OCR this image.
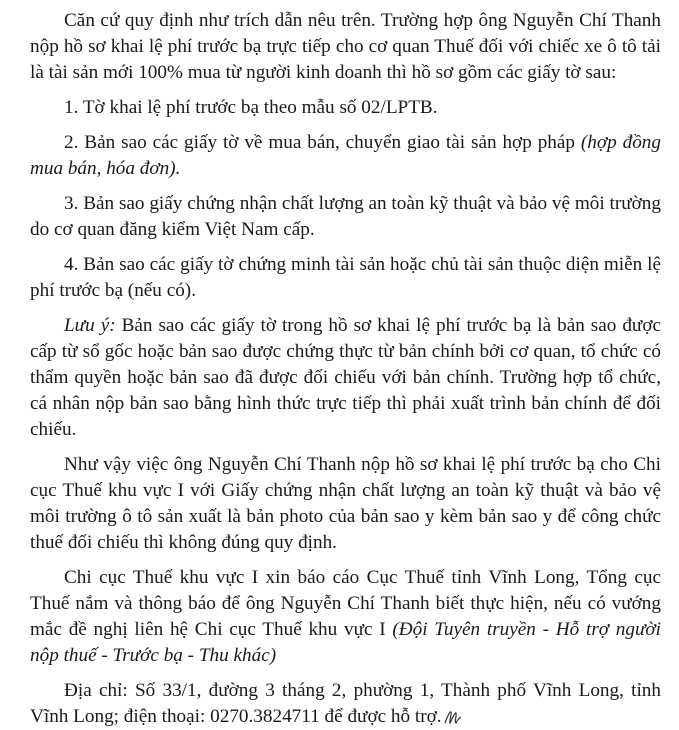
Căn cứ quy định như trích dẫn nêu trên. Trường hợp ông Nguyễn Chí Thanh nộp hồ sơ khai lệ phí trước bạ trực tiếp cho cơ quan Thuế đối với chiếc xe ô tô tải là tài sản mới 100% mua từ người kinh doanh thì hồ sơ gồm các giấy tờ sau:

1. Tờ khai lệ phí trước bạ theo mẫu số 02/LPTB.

2. Bản sao các giấy tờ về mua bán, chuyển giao tài sản hợp pháp (hợp đồng mua bán, hóa đơn).

3. Bản sao giấy chứng nhận chất lượng an toàn kỹ thuật và bảo vệ môi trường do cơ quan đăng kiểm Việt Nam cấp.

4. Bản sao các giấy tờ chứng minh tài sản hoặc chủ tài sản thuộc diện miễn lệ phí trước bạ (nếu có).

Lưu ý: Bản sao các giấy tờ trong hồ sơ khai lệ phí trước bạ là bản sao được cấp từ sổ gốc hoặc bản sao được chứng thực từ bản chính bởi cơ quan, tổ chức có thẩm quyền hoặc bản sao đã được đối chiếu với bản chính. Trường hợp tổ chức, cá nhân nộp bản sao bằng hình thức trực tiếp thì phải xuất trình bản chính để đối chiếu.

Như vậy việc ông Nguyễn Chí Thanh nộp hồ sơ khai lệ phí trước bạ cho Chi cục Thuế khu vực I với Giấy chứng nhận chất lượng an toàn kỹ thuật và bảo vệ môi trường ô tô sản xuất là bản photo của bản sao y kèm bản sao y để công chức thuế đối chiếu thì không đúng quy định.

Chi cục Thuế khu vực I xin báo cáo Cục Thuế tỉnh Vĩnh Long, Tổng cục Thuế nắm và thông báo để ông Nguyễn Chí Thanh biết thực hiện, nếu có vướng mắc đề nghị liên hệ Chi cục Thuế khu vực I (Đội Tuyên truyền - Hỗ trợ người nộp thuế - Trước bạ - Thu khác)

Địa chỉ: Số 33/1, đường 3 tháng 2, phường 1, Thành phố Vĩnh Long, tỉnh Vĩnh Long; điện thoại: 0270.3824711 để được hỗ trợ.
